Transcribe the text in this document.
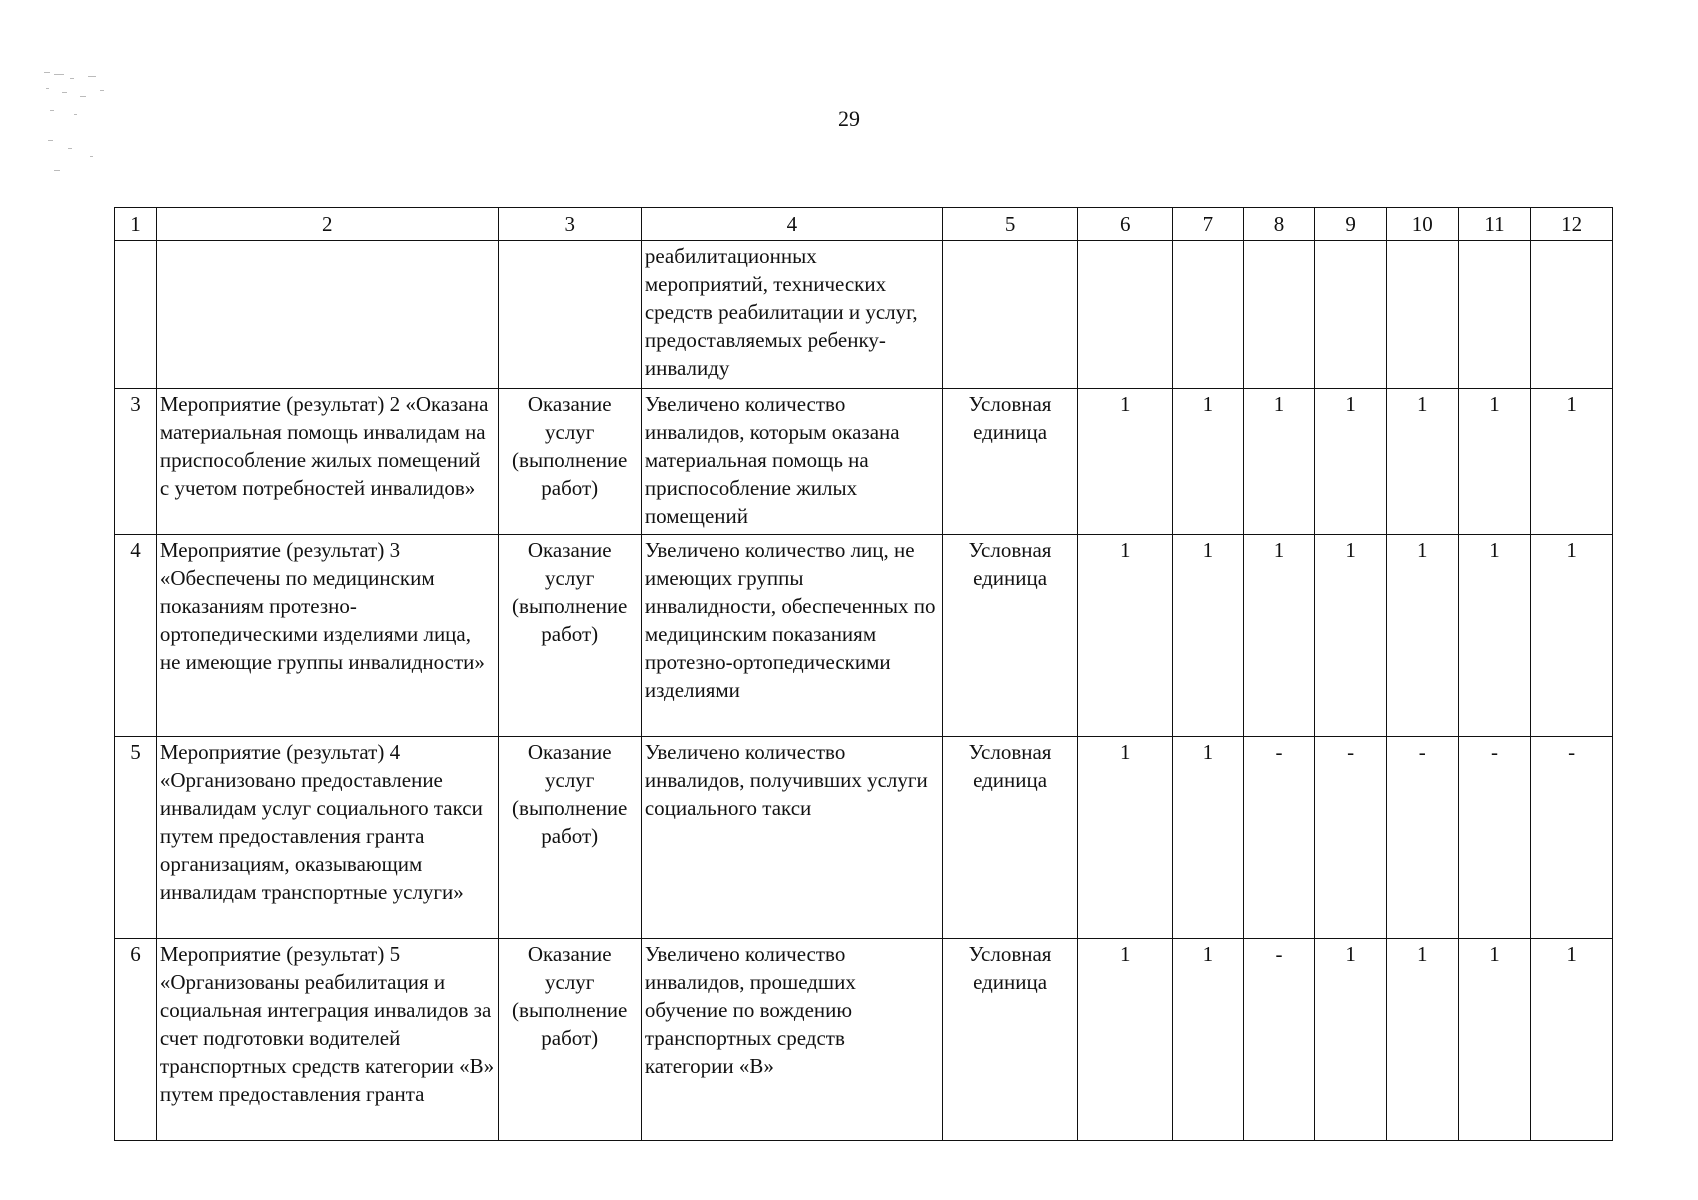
29
1	2	3	4	5	6	7	8	9	10	11	12
			реабилитационных мероприятий, технических средств реабилитации и услуг, предоставляемых ребенку-инвалиду								
3	Мероприятие (результат) 2 «Оказана материальная помощь инвалидам на приспособление жилых помещений с учетом потребностей инвалидов»	Оказание услуг (выполнение работ)	Увеличено количество инвалидов, которым оказана материальная помощь на приспособление жилых помещений	Условная единица	1	1	1	1	1	1	1
4	Мероприятие (результат) 3 «Обеспечены по медицинским показаниям протезно-ортопедическими изделиями лица, не имеющие группы инвалидности»	Оказание услуг (выполнение работ)	Увеличено количество лиц, не имеющих группы инвалидности, обеспеченных по медицинским показаниям протезно-ортопедическими изделиями	Условная единица	1	1	1	1	1	1	1
5	Мероприятие (результат) 4 «Организовано предоставление инвалидам услуг социального такси путем предоставления гранта организациям, оказывающим инвалидам транспортные услуги»	Оказание услуг (выполнение работ)	Увеличено количество инвалидов, получивших услуги социального такси	Условная единица	1	1	-	-	-	-	-
6	Мероприятие (результат) 5 «Организованы реабилитация и социальная интеграция инвалидов за счет подготовки водителей транспортных средств категории «В» путем предоставления гранта	Оказание услуг (выполнение работ)	Увеличено количество инвалидов, прошедших обучение по вождению транспортных средств категории «В»	Условная единица	1	1	-	1	1	1	1
